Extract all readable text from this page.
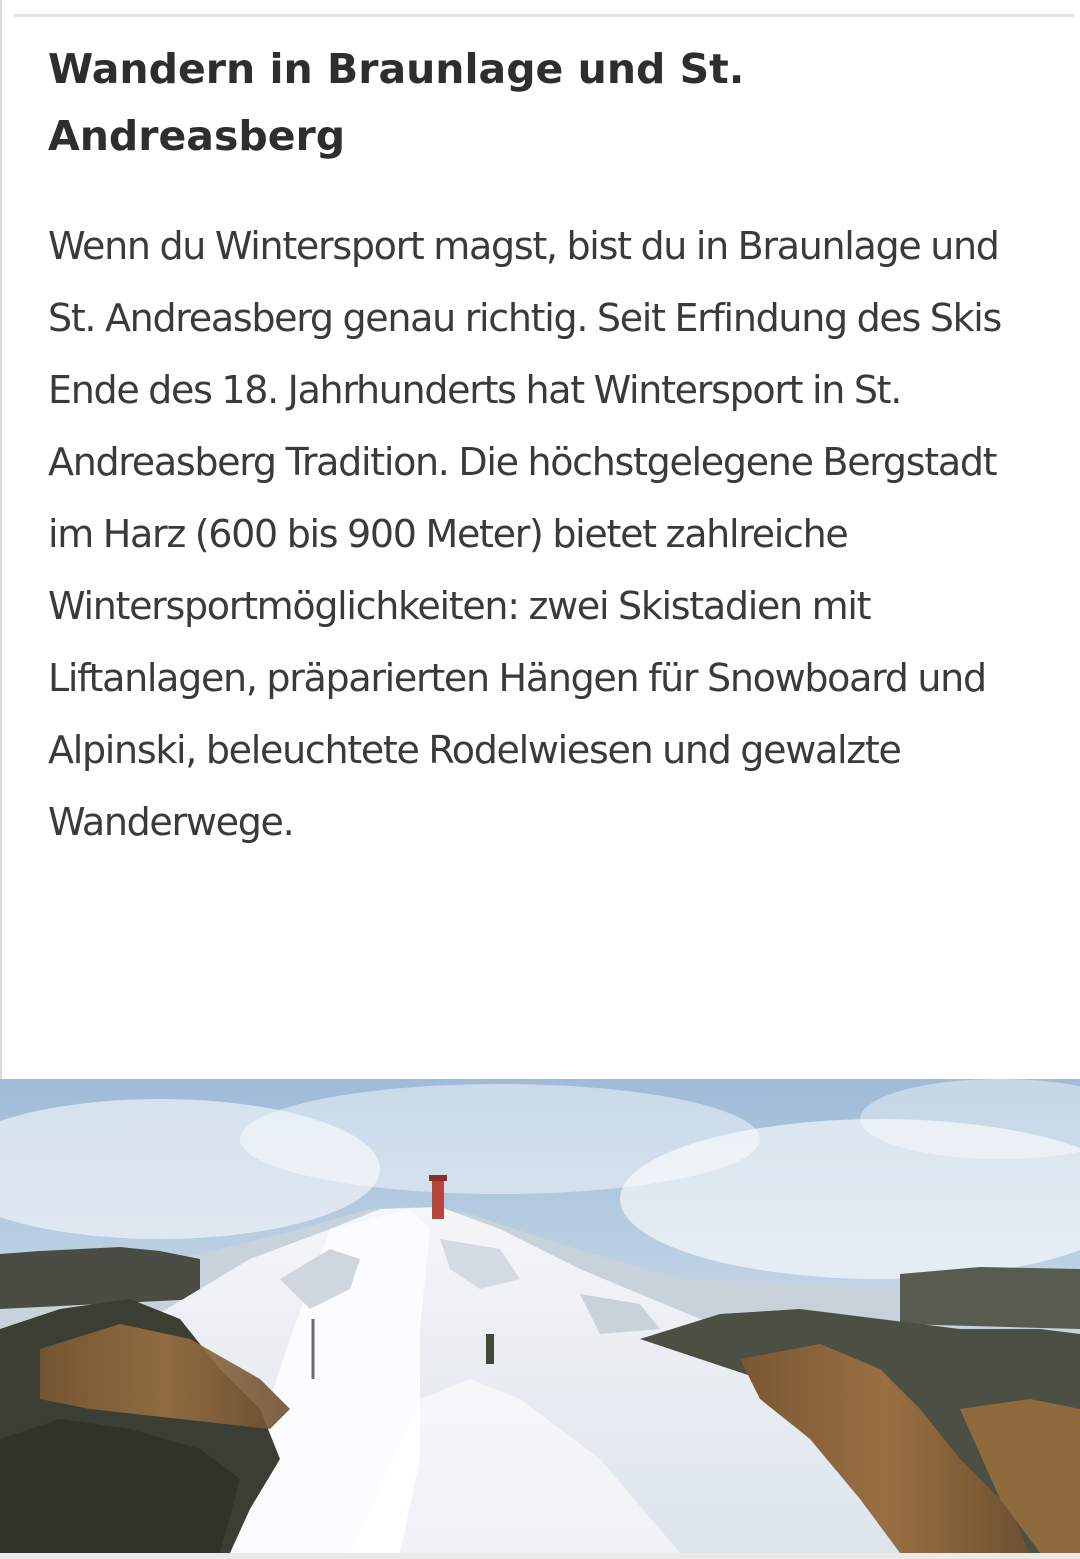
Wandern in Braunlage und St. Andreasberg

Wenn du Wintersport magst, bist du in Braunlage und St. Andreasberg genau richtig. Seit Erfindung des Skis Ende des 18. Jahrhunderts hat Wintersport in St. Andreasberg Tradition. Die höchstgelegene Bergstadt im Harz (600 bis 900 Meter) bietet zahlreiche Wintersportmöglichkeiten: zwei Skistadien mit Liftanlagen, präparierten Hängen für Snowboard und Alpinski, beleuchtete Rodelwiesen und gewalzte Wanderwege.
